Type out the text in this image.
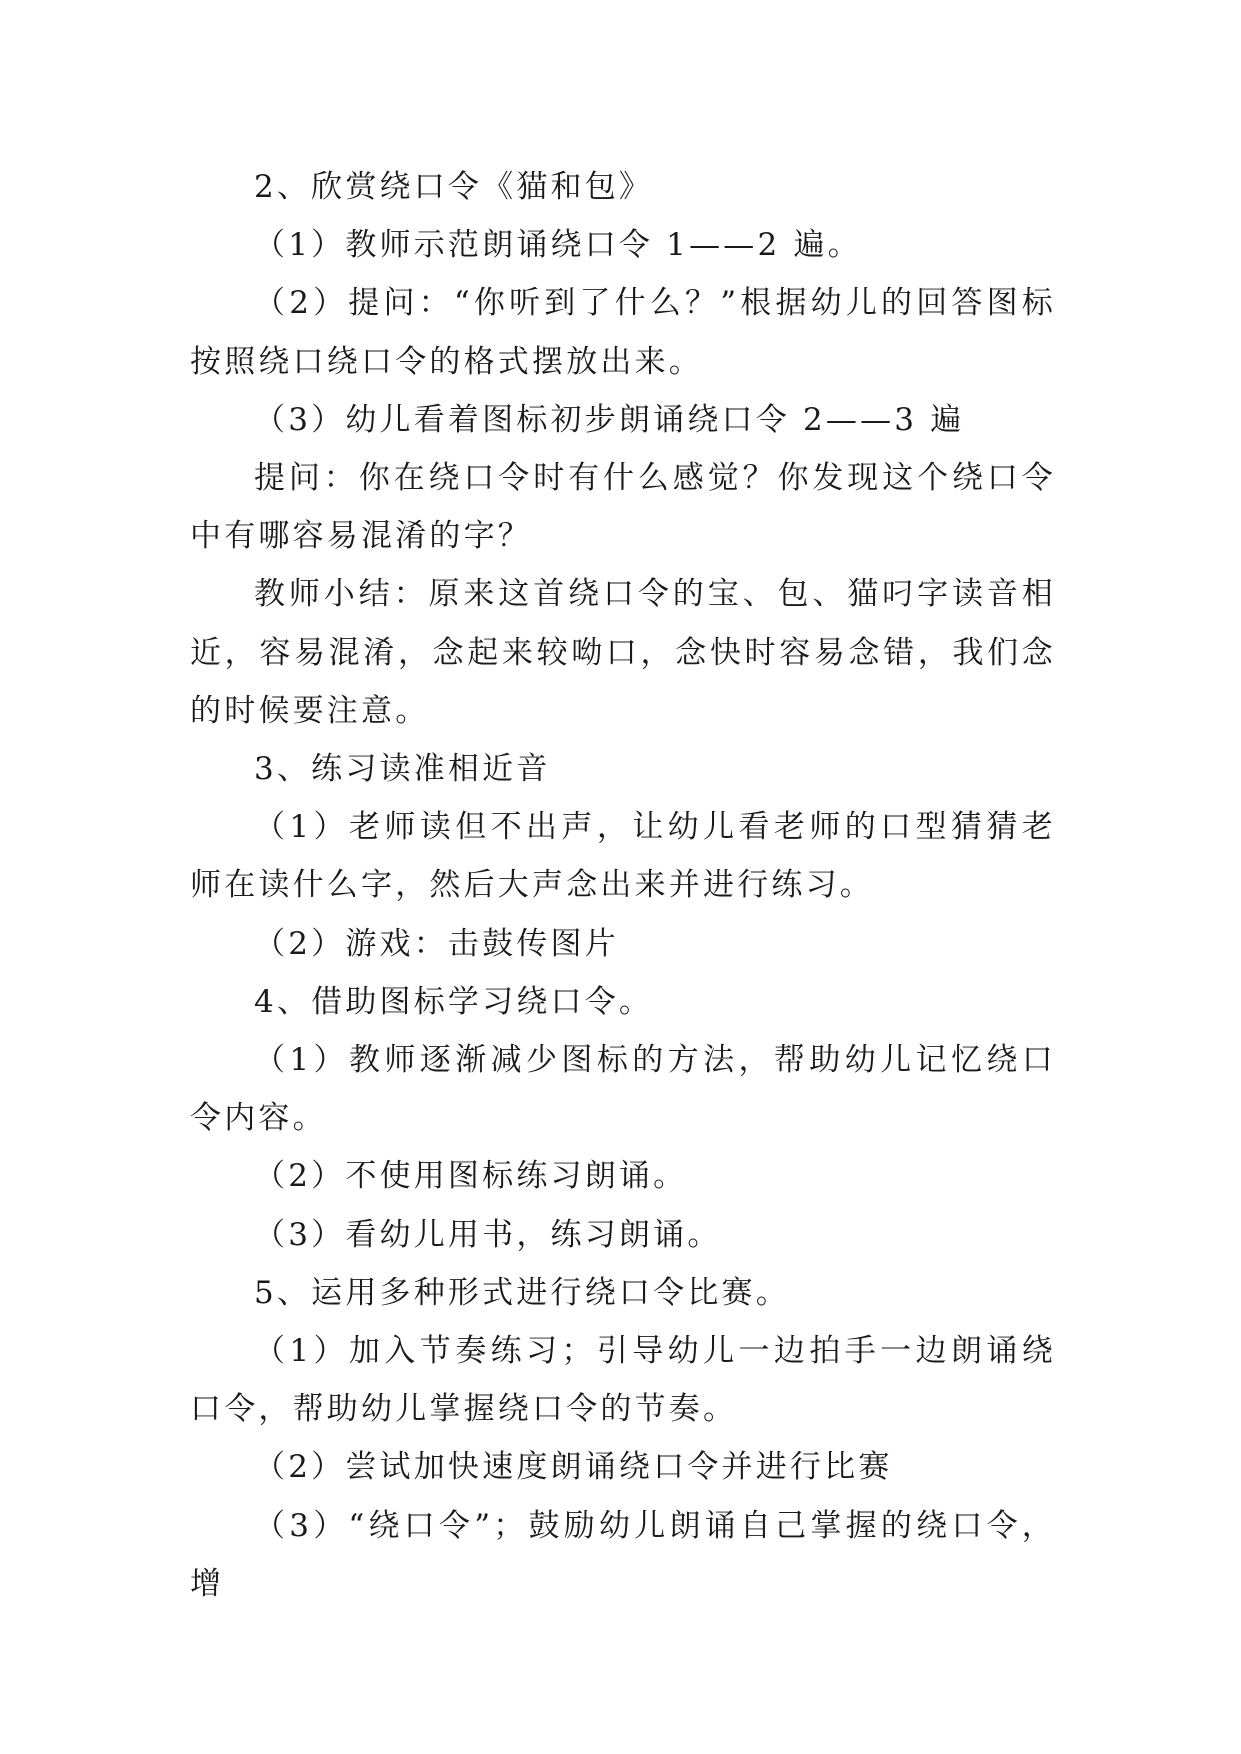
2、欣赏绕口令《猫和包》

（1）教师示范朗诵绕口令 1——2 遍。

（2）提问：“你听到了什么？”根据幼儿的回答图标按照绕口绕口令的格式摆放出来。

（3）幼儿看着图标初步朗诵绕口令 2——3 遍

提问：你在绕口令时有什么感觉？你发现这个绕口令中有哪容易混淆的字？

教师小结：原来这首绕口令的宝、包、猫叼字读音相近，容易混淆，念起来较呦口，念快时容易念错，我们念的时候要注意。

3、练习读准相近音

（1）老师读但不出声，让幼儿看老师的口型猜猜老师在读什么字，然后大声念出来并进行练习。

（2）游戏：击鼓传图片

4、借助图标学习绕口令。

（1）教师逐渐减少图标的方法，帮助幼儿记忆绕口令内容。

（2）不使用图标练习朗诵。

（3）看幼儿用书，练习朗诵。

5、运用多种形式进行绕口令比赛。

（1）加入节奏练习；引导幼儿一边拍手一边朗诵绕口令，帮助幼儿掌握绕口令的节奏。

（2）尝试加快速度朗诵绕口令并进行比赛

（3）“绕口令”；鼓励幼儿朗诵自己掌握的绕口令，增
